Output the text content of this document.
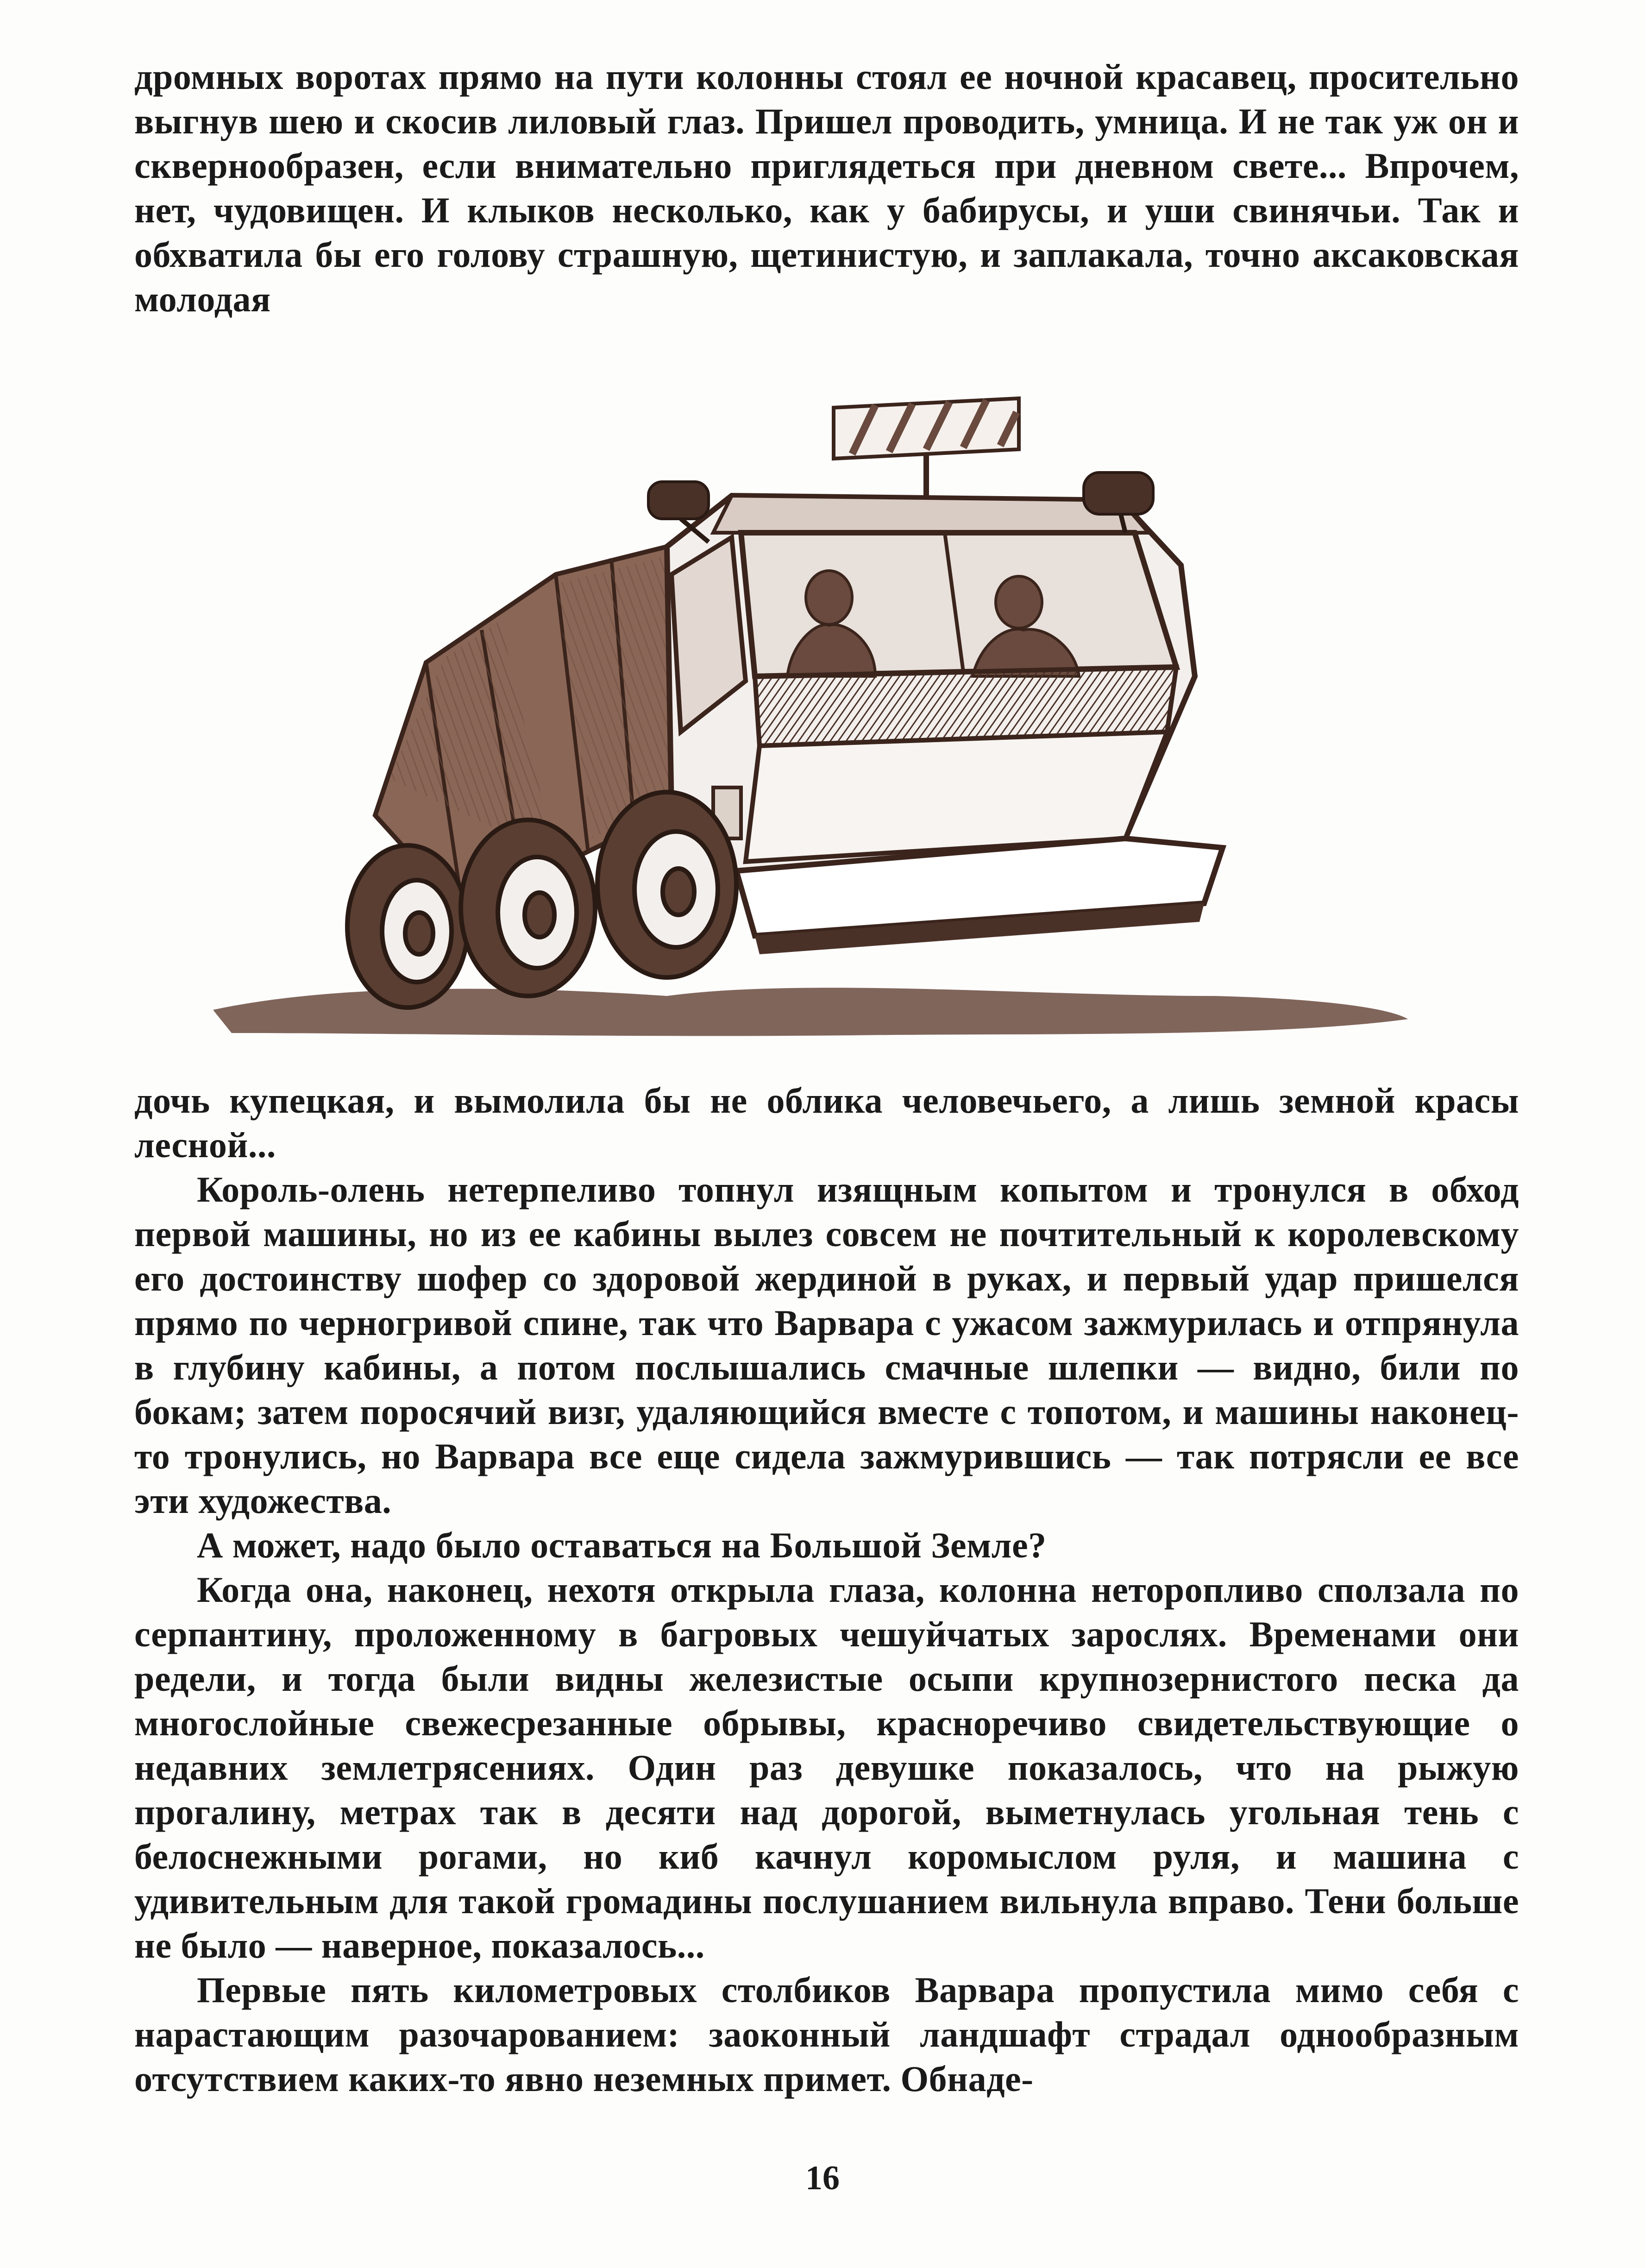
дромных воротах прямо на пути колонны стоял ее ночной красавец, просительно выгнув шею и скосив лиловый глаз. Пришел проводить, умница. И не так уж он и сквернообразен, если внимательно приглядеться при дневном свете... Впрочем, нет, чудовищен. И клыков несколько, как у бабирусы, и уши свинячьи. Так и обхватила бы его голову страшную, щетинистую, и заплакала, точно аксаковская молодая

дочь купецкая, и вымолила бы не облика человечьего, а лишь земной красы лесной...

Король-олень нетерпеливо топнул изящным копытом и тронулся в обход первой машины, но из ее кабины вылез совсем не почтительный к королевскому его достоинству шофер со здоровой жердиной в руках, и первый удар пришелся прямо по черногривой спине, так что Варвара с ужасом зажмурилась и отпрянула в глубину кабины, а потом послышались смачные шлепки — видно, били по бокам; затем поросячий визг, удаляющийся вместе с топотом, и машины наконец-то тронулись, но Варвара все еще сидела зажмурившись — так потрясли ее все эти художества.

А может, надо было оставаться на Большой Земле?

Когда она, наконец, нехотя открыла глаза, колонна неторопливо сползала по серпантину, проложенному в багровых чешуйчатых зарослях. Временами они редели, и тогда были видны железистые осыпи крупнозернистого песка да многослойные свежесрезанные обрывы, красноречиво свидетельствующие о недавних землетрясениях. Один раз девушке показалось, что на рыжую прогалину, метрах так в десяти над дорогой, выметнулась угольная тень с белоснежными рогами, но киб качнул коромыслом руля, и машина с удивительным для такой громадины послушанием вильнула вправо. Тени больше не было — наверное, показалось...

Первые пять километровых столбиков Варвара пропустила мимо себя с нарастающим разочарованием: заоконный ландшафт страдал однообразным отсутствием каких-то явно неземных примет. Обнаде-

16
